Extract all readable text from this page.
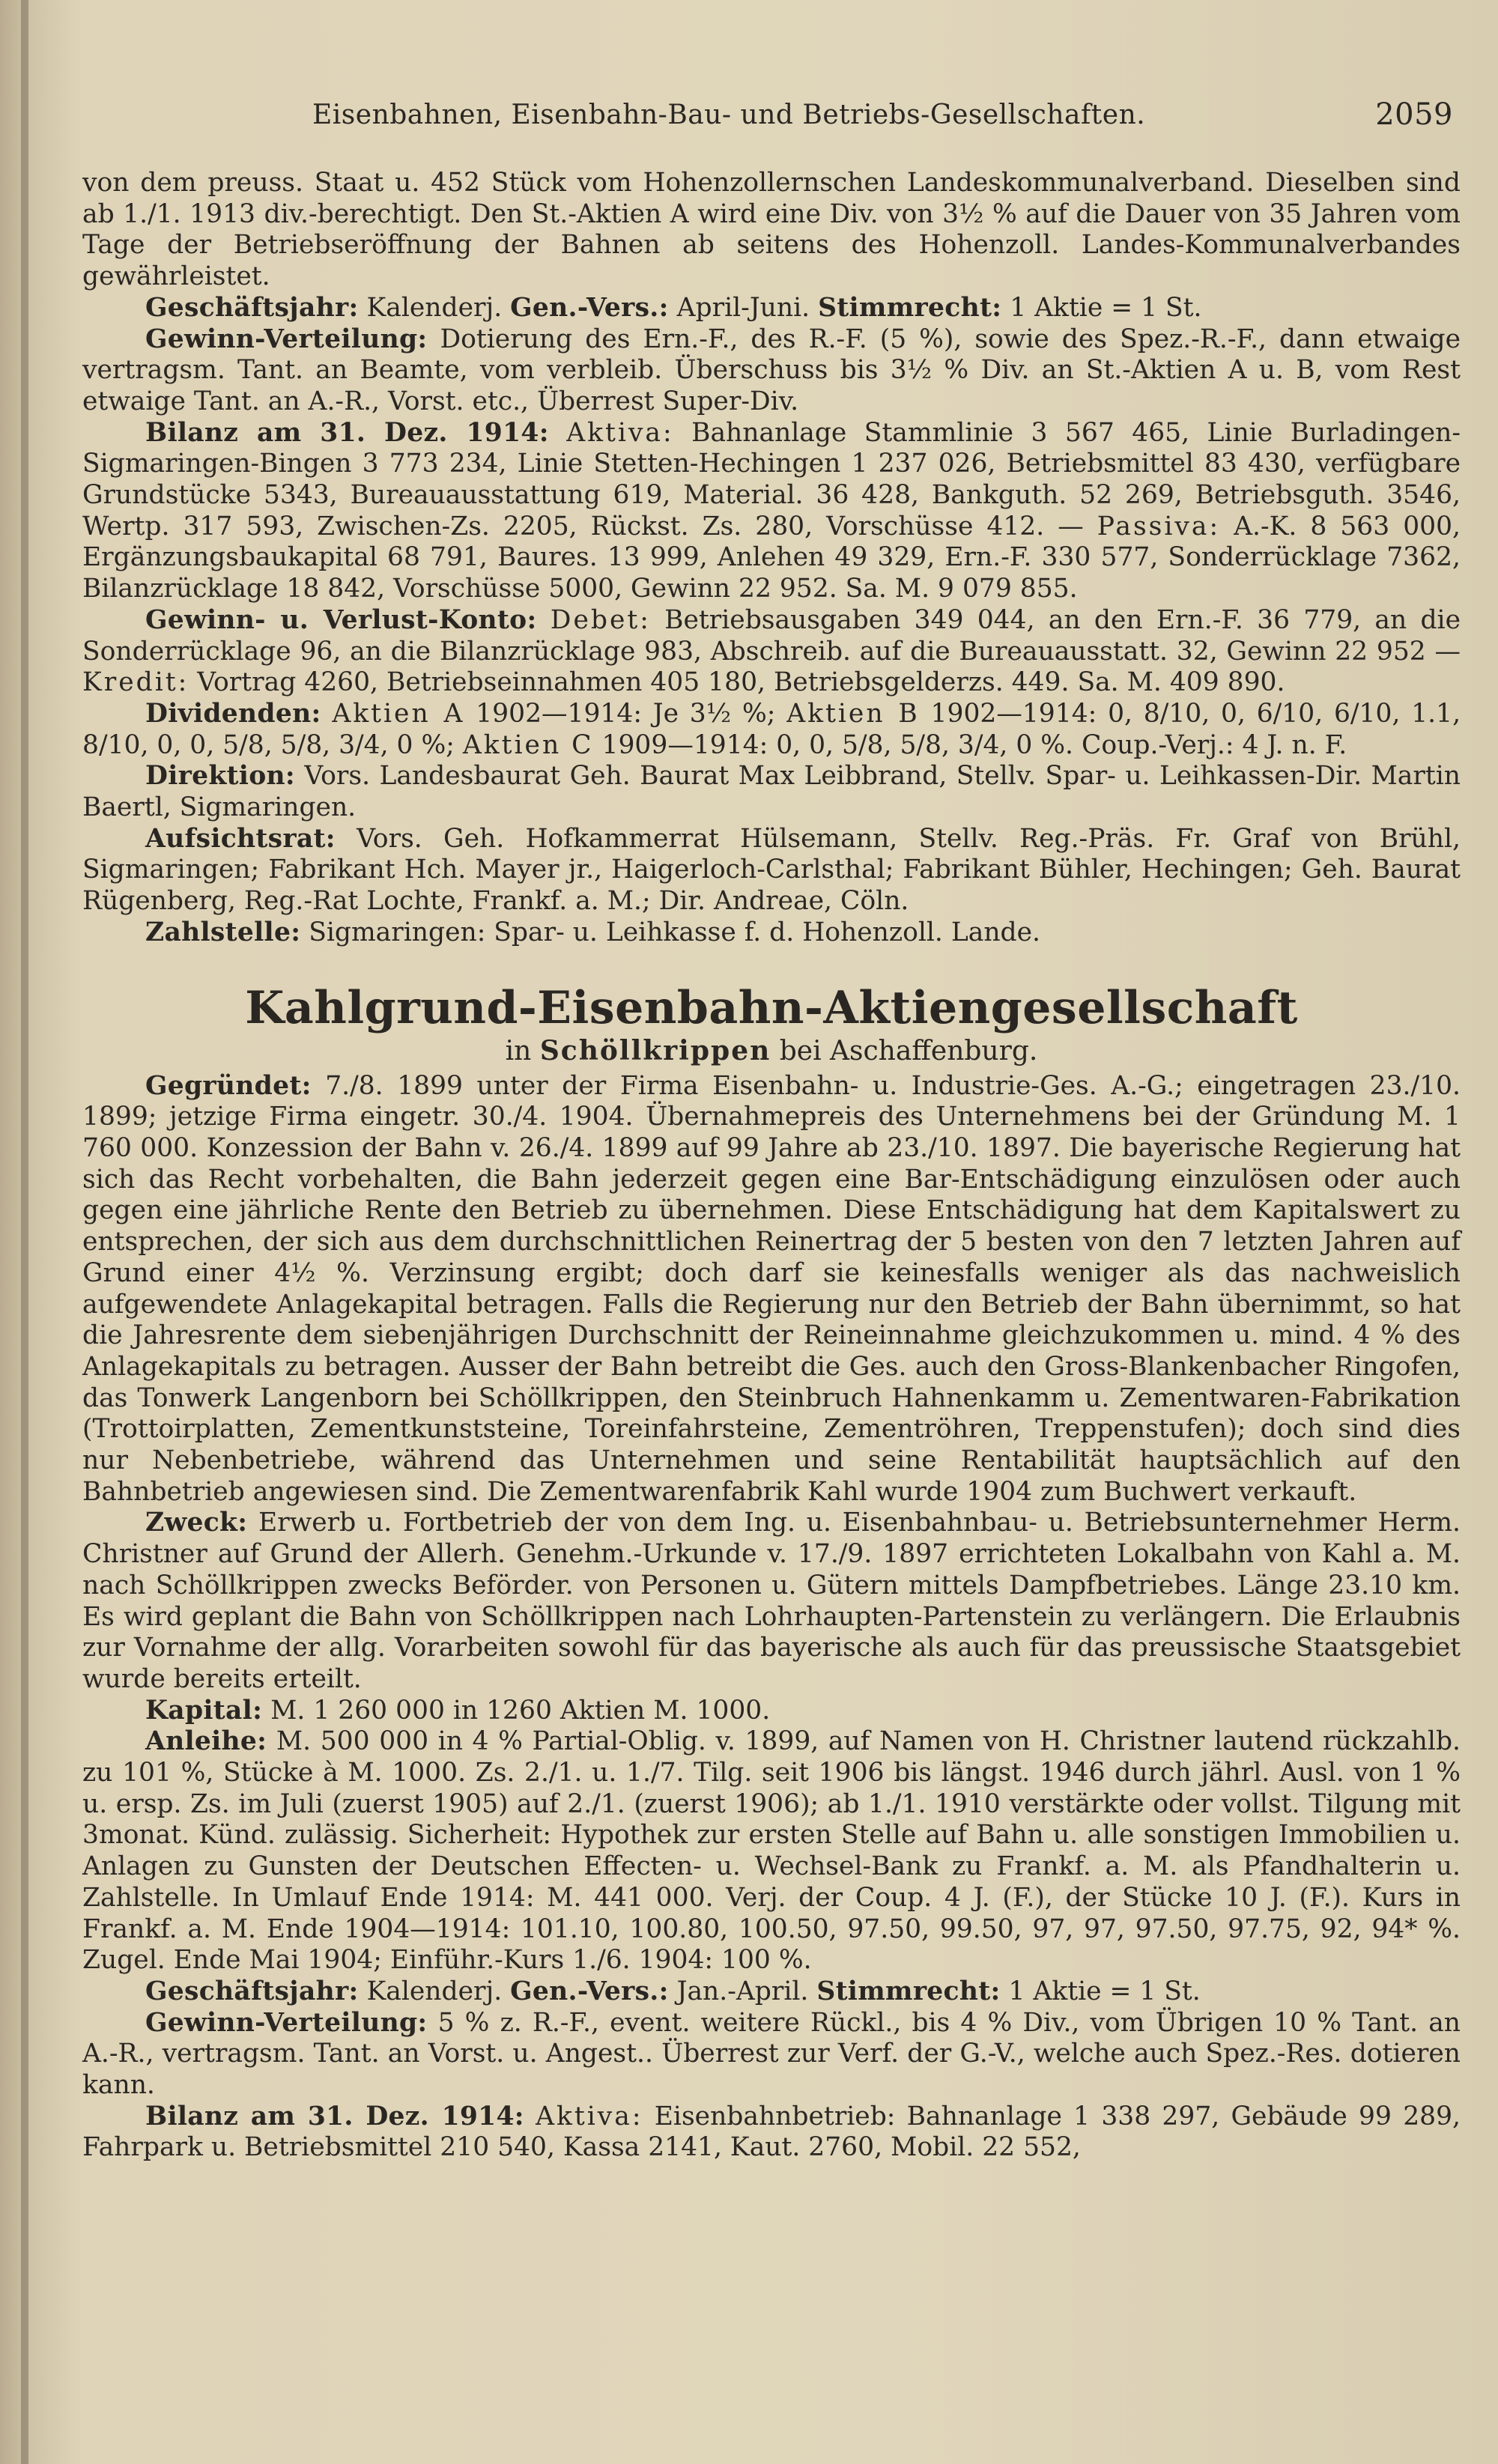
Eisenbahnen, Eisenbahn-Bau- und Betriebs-Gesellschaften.	2059

von dem preuss. Staat u. 452 Stück vom Hohenzollernschen Landeskommunalverband. Dieselben sind ab 1./1. 1913 div.-berechtigt. Den St.-Aktien A wird eine Div. von 3½ % auf die Dauer von 35 Jahren vom Tage der Betriebseröffnung der Bahnen ab seitens des Hohenzoll. Landes-Kommunalverbandes gewährleistet.

Geschäftsjahr: Kalenderj. Gen.-Vers.: April-Juni. Stimmrecht: 1 Aktie = 1 St.

Gewinn-Verteilung: Dotierung des Ern.-F., des R.-F. (5 %), sowie des Spez.-R.-F., dann etwaige vertragsm. Tant. an Beamte, vom verbleib. Überschuss bis 3½ % Div. an St.-Aktien A u. B, vom Rest etwaige Tant. an A.-R., Vorst. etc., Überrest Super-Div.

Bilanz am 31. Dez. 1914: Aktiva: Bahnanlage Stammlinie 3 567 465, Linie Burladingen-Sigmaringen-Bingen 3 773 234, Linie Stetten-Hechingen 1 237 026, Betriebsmittel 83 430, verfügbare Grundstücke 5343, Bureauausstattung 619, Material. 36 428, Bankguth. 52 269, Betriebsguth. 3546, Wertp. 317 593, Zwischen-Zs. 2205, Rückst. Zs. 280, Vorschüsse 412. — Passiva: A.-K. 8 563 000, Ergänzungsbaukapital 68 791, Baures. 13 999, Anlehen 49 329, Ern.-F. 330 577, Sonderrücklage 7362, Bilanzrücklage 18 842, Vorschüsse 5000, Gewinn 22 952. Sa. M. 9 079 855.

Gewinn- u. Verlust-Konto: Debet: Betriebsausgaben 349 044, an den Ern.-F. 36 779, an die Sonderrücklage 96, an die Bilanzrücklage 983, Abschreib. auf die Bureauausstatt. 32, Gewinn 22 952 — Kredit: Vortrag 4260, Betriebseinnahmen 405 180, Betriebsgelderzs. 449. Sa. M. 409 890.

Dividenden: Aktien A 1902—1914: Je 3½ %; Aktien B 1902—1914: 0, 8/10, 0, 6/10, 6/10, 1.1, 8/10, 0, 0, 5/8, 5/8, 3/4, 0 %; Aktien C 1909—1914: 0, 0, 5/8, 5/8, 3/4, 0 %. Coup.-Verj.: 4 J. n. F.

Direktion: Vors. Landesbaurat Geh. Baurat Max Leibbrand, Stellv. Spar- u. Leihkassen-Dir. Martin Baertl, Sigmaringen.

Aufsichtsrat: Vors. Geh. Hofkammerrat Hülsemann, Stellv. Reg.-Präs. Fr. Graf von Brühl, Sigmaringen; Fabrikant Hch. Mayer jr., Haigerloch-Carlsthal; Fabrikant Bühler, Hechingen; Geh. Baurat Rügenberg, Reg.-Rat Lochte, Frankf. a. M.; Dir. Andreae, Cöln.

Zahlstelle: Sigmaringen: Spar- u. Leihkasse f. d. Hohenzoll. Lande.

Kahlgrund-Eisenbahn-Aktiengesellschaft
in Schöllkrippen bei Aschaffenburg.

Gegründet: 7./8. 1899 unter der Firma Eisenbahn- u. Industrie-Ges. A.-G.; eingetragen 23./10. 1899; jetzige Firma eingetr. 30./4. 1904. Übernahmepreis des Unternehmens bei der Gründung M. 1 760 000. Konzession der Bahn v. 26./4. 1899 auf 99 Jahre ab 23./10. 1897. Die bayerische Regierung hat sich das Recht vorbehalten, die Bahn jederzeit gegen eine Bar-Entschädigung einzulösen oder auch gegen eine jährliche Rente den Betrieb zu übernehmen. Diese Entschädigung hat dem Kapitalswert zu entsprechen, der sich aus dem durchschnittlichen Reinertrag der 5 besten von den 7 letzten Jahren auf Grund einer 4½ %. Verzinsung ergibt; doch darf sie keinesfalls weniger als das nachweislich aufgewendete Anlagekapital betragen. Falls die Regierung nur den Betrieb der Bahn übernimmt, so hat die Jahresrente dem siebenjährigen Durchschnitt der Reineinnahme gleichzukommen u. mind. 4 % des Anlagekapitals zu betragen. Ausser der Bahn betreibt die Ges. auch den Gross-Blankenbacher Ringofen, das Tonwerk Langenborn bei Schöllkrippen, den Steinbruch Hahnenkamm u. Zementwaren-Fabrikation (Trottoirplatten, Zementkunststeine, Toreinfahrsteine, Zementröhren, Treppenstufen); doch sind dies nur Nebenbetriebe, während das Unternehmen und seine Rentabilität hauptsächlich auf den Bahnbetrieb angewiesen sind. Die Zementwarenfabrik Kahl wurde 1904 zum Buchwert verkauft.

Zweck: Erwerb u. Fortbetrieb der von dem Ing. u. Eisenbahnbau- u. Betriebsunternehmer Herm. Christner auf Grund der Allerh. Genehm.-Urkunde v. 17./9. 1897 errichteten Lokalbahn von Kahl a. M. nach Schöllkrippen zwecks Beförder. von Personen u. Gütern mittels Dampfbetriebes. Länge 23.10 km. Es wird geplant die Bahn von Schöllkrippen nach Lohrhaupten-Partenstein zu verlängern. Die Erlaubnis zur Vornahme der allg. Vorarbeiten sowohl für das bayerische als auch für das preussische Staatsgebiet wurde bereits erteilt.

Kapital: M. 1 260 000 in 1260 Aktien M. 1000.

Anleihe: M. 500 000 in 4 % Partial-Oblig. v. 1899, auf Namen von H. Christner lautend rückzahlb. zu 101 %, Stücke à M. 1000. Zs. 2./1. u. 1./7. Tilg. seit 1906 bis längst. 1946 durch jährl. Ausl. von 1 % u. ersp. Zs. im Juli (zuerst 1905) auf 2./1. (zuerst 1906); ab 1./1. 1910 verstärkte oder vollst. Tilgung mit 3monat. Künd. zulässig. Sicherheit: Hypothek zur ersten Stelle auf Bahn u. alle sonstigen Immobilien u. Anlagen zu Gunsten der Deutschen Effecten- u. Wechsel-Bank zu Frankf. a. M. als Pfandhalterin u. Zahlstelle. In Umlauf Ende 1914: M. 441 000. Verj. der Coup. 4 J. (F.), der Stücke 10 J. (F.). Kurs in Frankf. a. M. Ende 1904—1914: 101.10, 100.80, 100.50, 97.50, 99.50, 97, 97, 97.50, 97.75, 92, 94* %. Zugel. Ende Mai 1904; Einführ.-Kurs 1./6. 1904: 100 %.

Geschäftsjahr: Kalenderj. Gen.-Vers.: Jan.-April. Stimmrecht: 1 Aktie = 1 St.

Gewinn-Verteilung: 5 % z. R.-F., event. weitere Rückl., bis 4 % Div., vom Übrigen 10 % Tant. an A.-R., vertragsm. Tant. an Vorst. u. Angest.. Überrest zur Verf. der G.-V., welche auch Spez.-Res. dotieren kann.

Bilanz am 31. Dez. 1914: Aktiva: Eisenbahnbetrieb: Bahnanlage 1 338 297, Gebäude 99 289, Fahrpark u. Betriebsmittel 210 540, Kassa 2141, Kaut. 2760, Mobil. 22 552,
